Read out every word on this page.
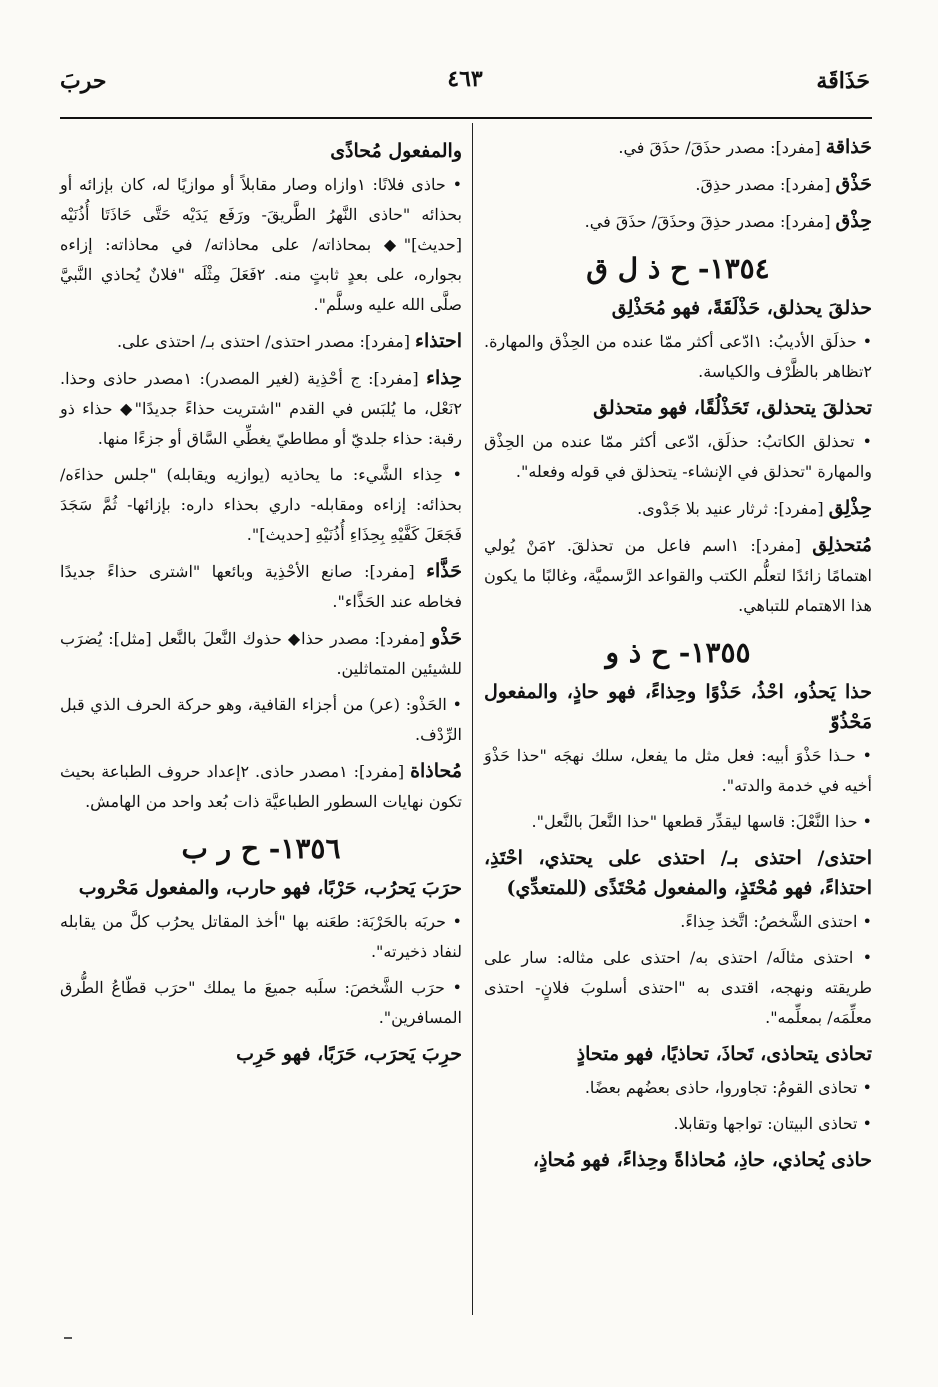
حَذَاقَة
٤٦٣
حربَ

حَذاقة [مفرد]: مصدر حذَقَ/ حذَقَ في.

حَذْق [مفرد]: مصدر حذِقَ.

حِذْق [مفرد]: مصدر حذِقَ وحذَقَ/ حذَقَ في.

١٣٥٤- ح ذ ل ق
حذلقَ يحذلق، حَذْلَقَةً، فهو مُحَذْلِق

• حذلَق الأديبُ: ١ادّعى أكثر ممّا عنده من الحِذْق والمهارة. ٢تظاهر بالظَّرْف والكياسة.

تحذلقَ يتحذلق، تَحَذْلُقًا، فهو متحذلق

• تحذلق الكاتبُ: حذلَق، ادّعى أكثر ممّا عنده من الحِذْق والمهارة "تحذلق في الإنشاء- يتحذلق في قوله وفعله".

حِذْلِق [مفرد]: ثرثار عنيد بلا جَدْوى.

مُتحذلِق [مفرد]: ١اسم فاعل من تحذلقَ. ٢مَنْ يُولي اهتمامًا زائدًا لتعلُّم الكتب والقواعد الرَّسميَّة، وغالبًا ما يكون هذا الاهتمام للتباهي.

١٣٥٥- ح ذ و
حذا يَحذُو، احْذُ، حَذْوًا وحِذاءً، فهو حاذٍ، والمفعول مَحْذُوّ

• حـذا حَذْوَ أبيه: فعل مثل ما يفعل، سلك نهجَه "حذا حَذْوَ أخيه في خدمة والدته".

• حذا النَّعْلَ: قاسها ليقدِّر قطعها "حذا النَّعلَ بالنَّعل".

احتذى/ احتذى بـ/ احتذى على يحتذي، احْتَذِ، احتذاءً، فهو مُحْتَذٍ، والمفعول مُحْتَذًى (للمتعدِّي)

• احتذى الشَّخصُ: اتَّخذ حِذاءً.

• احتذى مثالَه/ احتذى به/ احتذى على مثاله: سار على طريقته ونهجه، اقتدى به "احتذى أسلوبَ فلانٍ- احتذى معلِّمَه/ بمعلِّمه".

تحاذى يتحاذى، تَحاذَ، تحاذيًا، فهو متحاذٍ

• تحاذى القومُ: تجاوروا، حاذى بعضُهم بعضًا.

• تحاذى البيتان: تواجها وتقابلا.

حاذى يُحاذي، حاذِ، مُحاذاةً وحِذاءً، فهو مُحاذٍ،
والمفعول مُحاذًى

• حاذى فلانًا: ١وازاه وصار مقابلاً أو موازيًا له، كان بإزائه أو بحذائه "حاذى النَّهرُ الطَّريقَ- ورَفَع يَدَيْه حَتَّى حَاذَتَا أُذُنَيْه [حديث]"◆ بمحاذاته/ على محاذاته/ في محاذاته: إزاءه بجواره، على بعدٍ ثابتٍ منه. ٢فَعَلَ مِثْلَه "فلانٌ يُحاذي النَّبيَّ صلَّى الله عليه وسلَّم".

احتذاء [مفرد]: مصدر احتذى/ احتذى بـ/ احتذى على.

حِذاء [مفرد]: ج أحْذِية (لغير المصدر): ١مصدر حاذى وحذا. ٢نَعْل، ما يُلبَس في القدم "اشتريت حذاءً جديدًا"◆ حذاء ذو رقبة: حذاء جلديّ أو مطاطيّ يغطِّي السَّاق أو جزءًا منها.

• حِذاء الشَّيء: ما يحاذيه (يوازيه ويقابله) "جلس حذاءَه/ بحذائه: إزاءه ومقابله- داري بحذاء داره: بإزائها- ثُمَّ سَجَدَ فَجَعَلَ كَفَّيْهِ بِحِذَاءِ أُذُنَيْهِ [حديث]".

حَذَّاء [مفرد]: صانع الأحْذِية وبائعها "اشترى حذاءً جديدًا فخاطه عند الحَذَّاء".

حَذْو [مفرد]: مصدر حذا◆ حذوك النَّعلَ بالنَّعل [مثل]: يُضرَب للشيئين المتماثلين.

• الحَذْو: (عر) من أجزاء القافية، وهو حركة الحرف الذي قبل الرِّدْف.

مُحاذاة [مفرد]: ١مصدر حاذى. ٢إعداد حروف الطباعة بحيث تكون نهايات السطور الطباعيَّة ذات بُعد واحد من الهامش.

١٣٥٦- ح ر ب
حرَبَ يَحرُب، حَرْبًا، فهو حارب، والمفعول مَحْروب

• حربَه بالحَرْبَة: طعَنه بها "أخذ المقاتل يحرُب كلَّ من يقابله لنفاد ذخيرته".

• حرَب الشَّخصَ: سلَبه جميعَ ما يملك "حرَب قطّاعُ الطُّرق المسافرين".

حرِبَ يَحرَب، حَرَبًا، فهو حَرِب
